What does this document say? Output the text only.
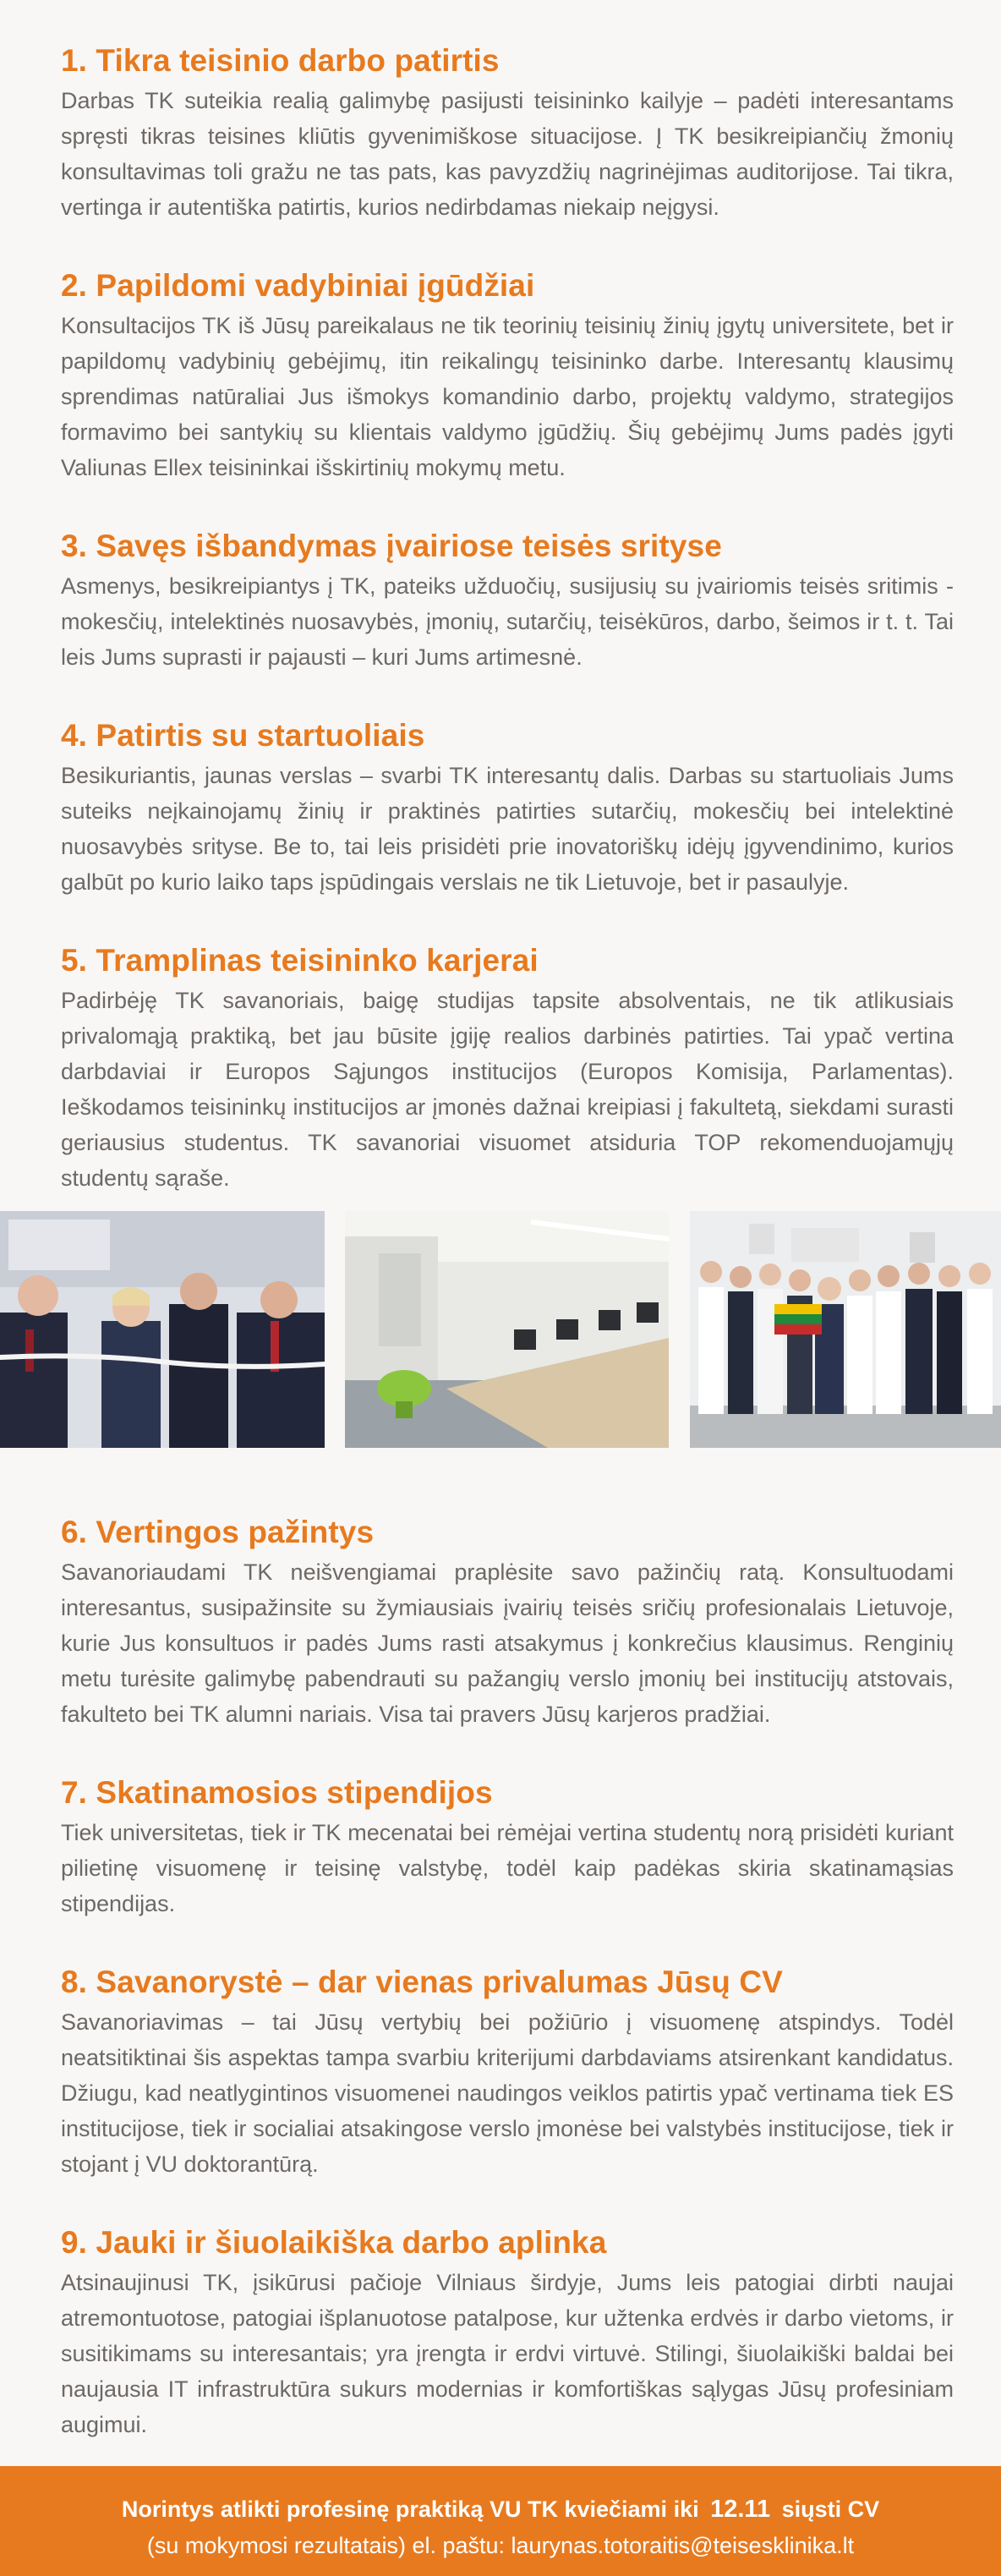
1. Tikra teisinio darbo patirtis

Darbas TK suteikia realią galimybę pasijusti teisininko kailyje – padėti interesantams spręsti tikras teisines kliūtis gyvenimiškose situacijose. Į TK besikreipiančių žmonių konsultavimas toli gražu ne tas pats, kas pavyzdžių nagrinėjimas auditorijose. Tai tikra, vertinga ir autentiška patirtis, kurios nedirbdamas niekaip neįgysi.

2. Papildomi vadybiniai įgūdžiai

Konsultacijos TK iš Jūsų pareikalaus ne tik teorinių teisinių žinių įgytų universitete, bet ir papildomų vadybinių gebėjimų, itin reikalingų teisininko darbe. Interesantų klausimų sprendimas natūraliai Jus išmokys komandinio darbo, projektų valdymo, strategijos formavimo bei santykių su klientais valdymo įgūdžių. Šių gebėjimų Jums padės įgyti Valiunas Ellex teisininkai išskirtinių mokymų metu.

3. Savęs išbandymas įvairiose teisės srityse

Asmenys, besikreipiantys į TK, pateiks užduočių, susijusių su įvairiomis teisės sritimis - mokesčių, intelektinės nuosavybės, įmonių, sutarčių, teisėkūros, darbo, šeimos ir t. t. Tai leis Jums suprasti ir pajausti – kuri Jums artimesnė.

4. Patirtis su startuoliais

Besikuriantis, jaunas verslas – svarbi TK interesantų dalis. Darbas su startuoliais Jums suteiks neįkainojamų žinių ir praktinės patirties sutarčių, mokesčių bei intelektinė nuosavybės srityse. Be to, tai leis prisidėti prie inovatoriškų idėjų įgyvendinimo, kurios galbūt po kurio laiko taps įspūdingais verslais ne tik Lietuvoje, bet ir pasaulyje.

5. Tramplinas teisininko karjerai

Padirbėję TK savanoriais, baigę studijas tapsite absolventais, ne tik atlikusiais privalomąją praktiką, bet jau būsite įgiję realios darbinės patirties. Tai ypač vertina darbdaviai ir Europos Sąjungos institucijos (Europos Komisija, Parlamentas). Ieškodamos teisininkų institucijos ar įmonės dažnai kreipiasi į fakultetą, siekdami surasti geriausius studentus. TK savanoriai visuomet atsiduria TOP rekomenduojamųjų studentų sąraše.

6. Vertingos pažintys

Savanoriaudami TK neišvengiamai praplėsite savo pažinčių ratą. Konsultuodami interesantus, susipažinsite su žymiausiais įvairių teisės sričių profesionalais Lietuvoje, kurie Jus konsultuos ir padės Jums rasti atsakymus į konkrečius klausimus. Renginių metu turėsite galimybę pabendrauti su pažangių verslo įmonių bei institucijų atstovais, fakulteto bei TK alumni nariais. Visa tai pravers Jūsų karjeros pradžiai.

7. Skatinamosios stipendijos

Tiek universitetas, tiek ir TK mecenatai bei rėmėjai vertina studentų norą prisidėti kuriant pilietinę visuomenę ir teisinę valstybę, todėl kaip padėkas skiria skatinamąsias stipendijas.

8. Savanorystė – dar vienas privalumas Jūsų CV

Savanoriavimas – tai Jūsų vertybių bei požiūrio į visuomenę atspindys. Todėl neatsitiktinai šis aspektas tampa svarbiu kriterijumi darbdaviams atsirenkant kandidatus. Džiugu, kad neatlygintinos visuomenei naudingos veiklos patirtis ypač vertinama tiek ES institucijose, tiek ir socialiai atsakingose verslo įmonėse bei valstybės institucijose, tiek ir stojant į VU doktorantūrą.

9. Jauki ir šiuolaikiška darbo aplinka

Atsinaujinusi TK, įsikūrusi pačioje Vilniaus širdyje, Jums leis patogiai dirbti naujai atremontuotose, patogiai išplanuotose patalpose, kur užtenka erdvės ir darbo vietoms, ir susitikimams su interesantais; yra įrengta ir erdvi virtuvė. Stilingi, šiuolaikiški baldai bei naujausia IT infrastruktūra sukurs modernias ir komfortiškas sąlygas Jūsų profesiniam augimui.

Norintys atlikti profesinę praktiką VU TK kviečiami iki 12.11 siųsti CV
(su mokymosi rezultatais) el. paštu: laurynas.totoraitis@teisesklinika.lt
